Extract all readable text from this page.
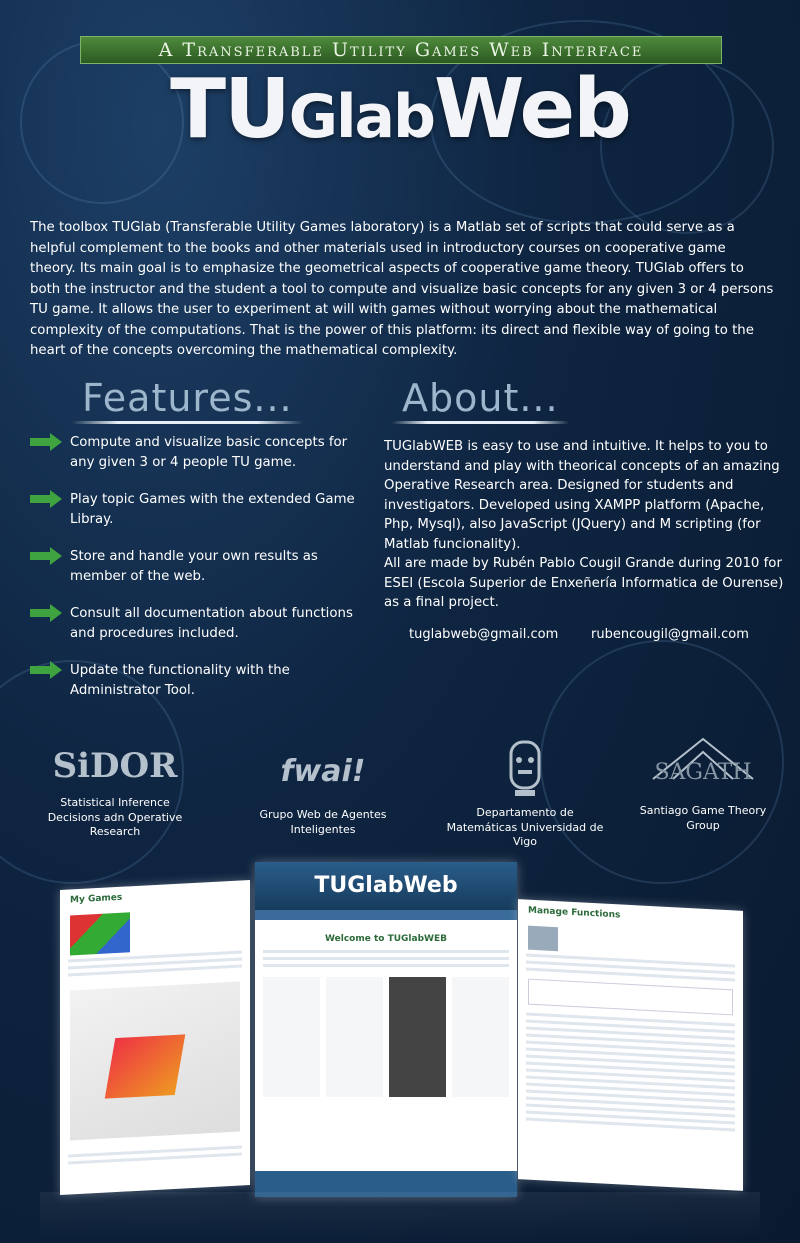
A Transferable Utility Games Web Interface
TUGlabWeb
The toolbox TUGlab (Transferable Utility Games laboratory) is a Matlab set of scripts that could serve as a helpful complement to the books and other materials used in introductory courses on cooperative game theory. Its main goal is to emphasize the geometrical aspects of cooperative game theory. TUGlab offers to both the instructor and the student a tool to compute and visualize basic concepts for any given 3 or 4 persons TU game. It allows the user to experiment at will with games without worrying about the mathematical complexity of the computations. That is the power of this platform: its direct and flexible way of going to the heart of the concepts overcoming the mathematical complexity.
Features...	About...
Compute and visualize basic concepts for any given 3 or 4 people TU game.
Play topic Games with the extended Game Libray.
Store and handle your own results as member of the web.
Consult all documentation about functions and procedures included.
Update the functionality with the Administrator Tool.
TUGlabWEB is easy to use and intuitive. It helps to you to understand and play with theorical concepts of an amazing Operative Research area. Designed for students and investigators. Developed using XAMPP platform (Apache, Php, Mysql), also JavaScript (JQuery) and M scripting (for Matlab funcionality).
All are made by Rubén Pablo Cougil Grande during 2010 for ESEI (Escola Superior de Enxeñería Informatica de Ourense) as a final project.
tuglabweb@gmail.com	rubencougil@gmail.com
SiDOR
Statistical Inference Decisions adn Operative Research
fwai!
Grupo Web de Agentes Inteligentes
Departamento de Matemáticas Universidad de Vigo
SAGATH
Santiago Game Theory Group
My Games
TUGlabWeb
Welcome to TUGlabWEB
Manage Functions
